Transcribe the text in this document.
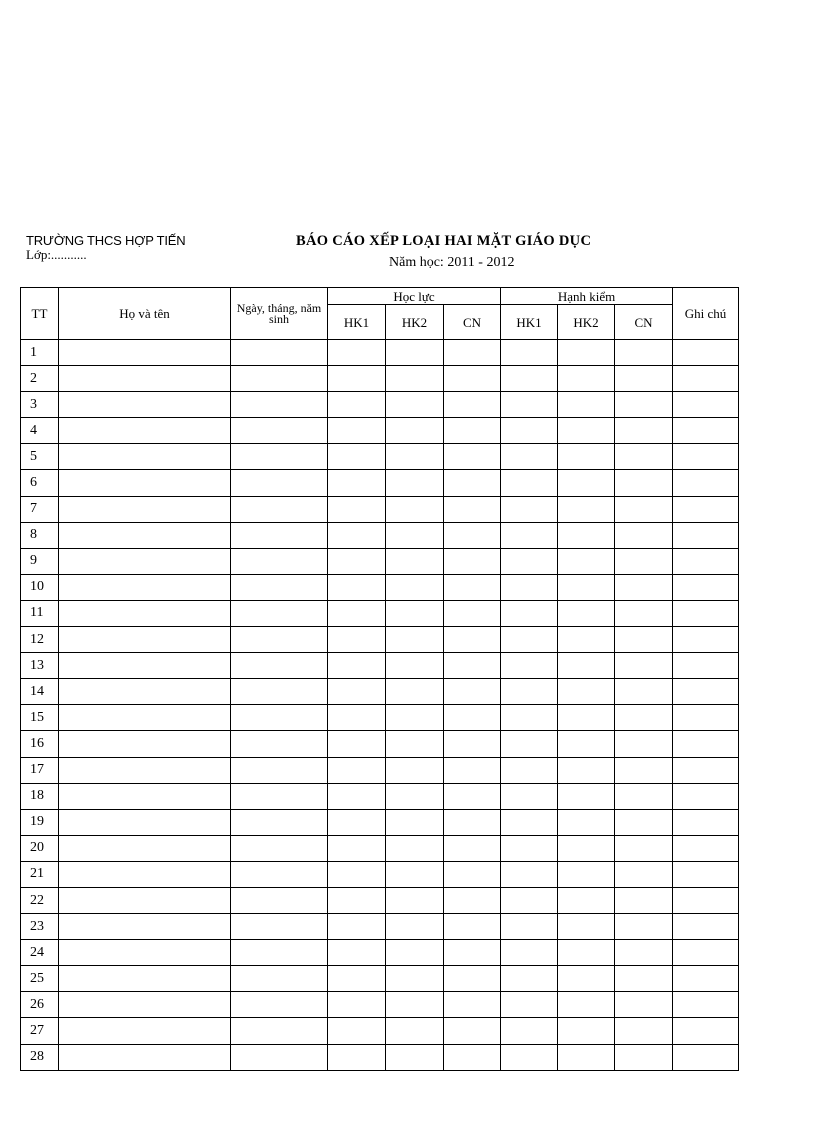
TRƯỜNG THCS HỢP TIẾN
Lớp:...........
BÁO CÁO XẾP LOẠI HAI MẶT GIÁO DỤC
Năm học: 2011 - 2012
TT	Họ và tên	Ngày, tháng, năm sinh	Học lực			Hạnh kiểm			Ghi chú
			HK1	HK2	CN	HK1	HK2	CN	
1									
2									
3									
4									
5									
6									
7									
8									
9									
10									
11									
12									
13									
14									
15									
16									
17									
18									
19									
20									
21									
22									
23									
24									
25									
26									
27									
28									
